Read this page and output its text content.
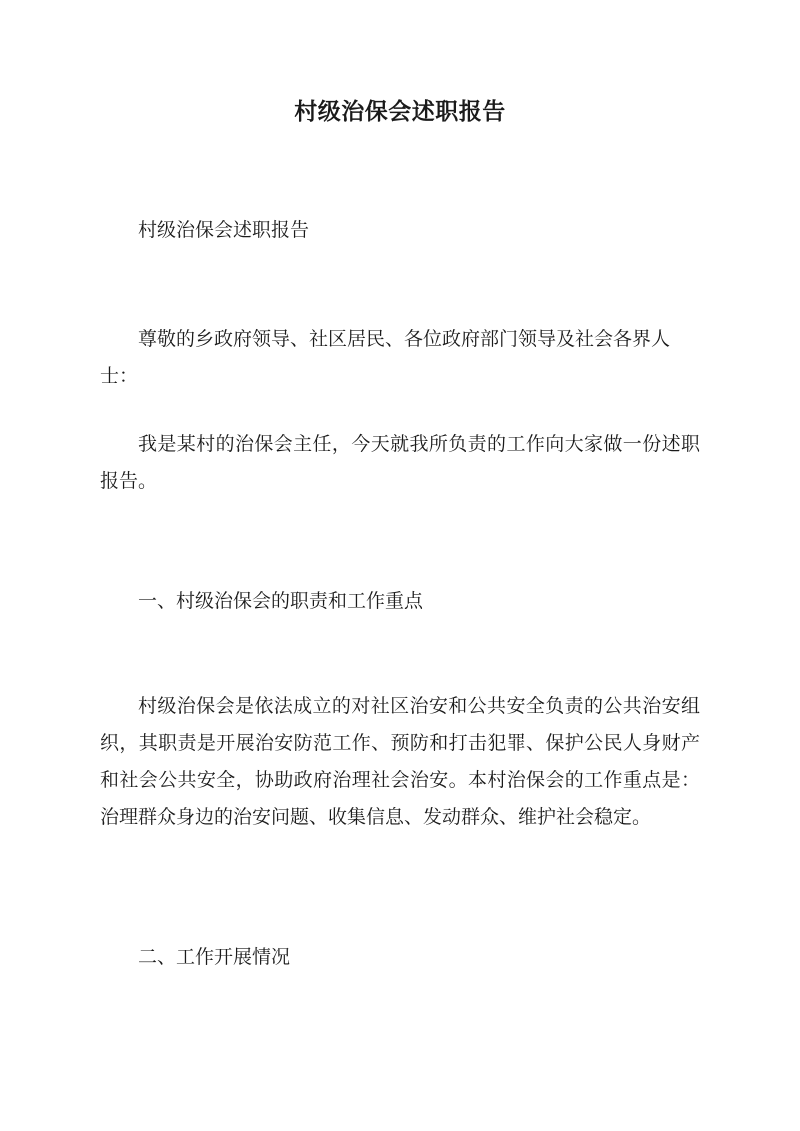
村级治保会述职报告

村级治保会述职报告

尊敬的乡政府领导、社区居民、各位政府部门领导及社会各界人士：

我是某村的治保会主任，今天就我所负责的工作向大家做一份述职报告。

一、村级治保会的职责和工作重点

村级治保会是依法成立的对社区治安和公共安全负责的公共治安组织，其职责是开展治安防范工作、预防和打击犯罪、保护公民人身财产和社会公共安全，协助政府治理社会治安。本村治保会的工作重点是：治理群众身边的治安问题、收集信息、发动群众、维护社会稳定。

二、工作开展情况
